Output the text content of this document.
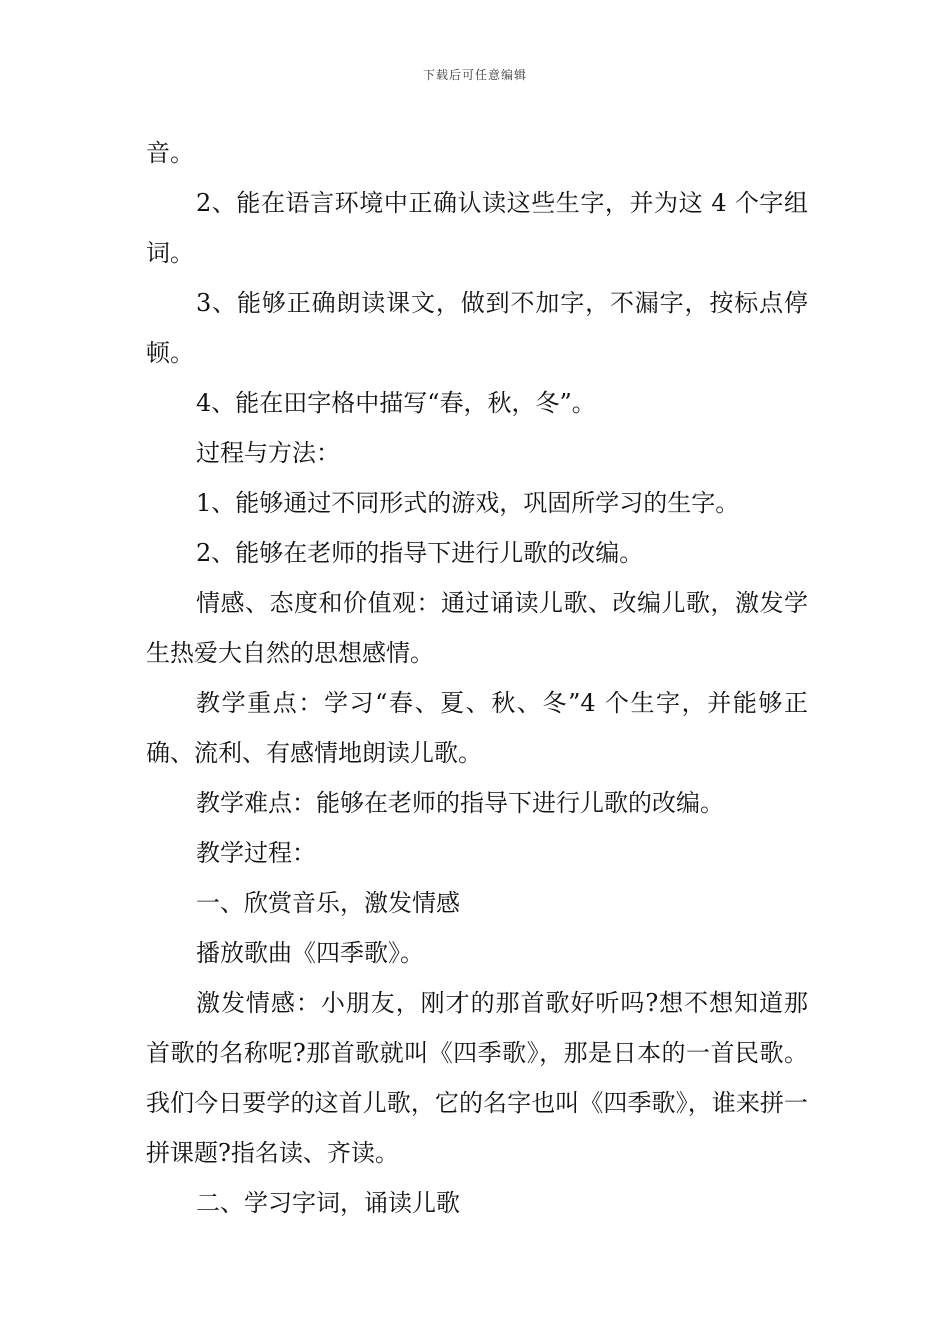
下载后可任意编辑

音。

2、能在语言环境中正确认读这些生字，并为这 4 个字组词。

3、能够正确朗读课文，做到不加字，不漏字，按标点停顿。

4、能在田字格中描写“春，秋，冬”。

过程与方法：

1、能够通过不同形式的游戏，巩固所学习的生字。

2、能够在老师的指导下进行儿歌的改编。

情感、态度和价值观：通过诵读儿歌、改编儿歌，激发学生热爱大自然的思想感情。

教学重点：学习“春、夏、秋、冬”4 个生字，并能够正确、流利、有感情地朗读儿歌。

教学难点：能够在老师的指导下进行儿歌的改编。

教学过程：

一、欣赏音乐，激发情感

播放歌曲《四季歌》。

激发情感：小朋友，刚才的那首歌好听吗?想不想知道那首歌的名称呢?那首歌就叫《四季歌》，那是日本的一首民歌。我们今日要学的这首儿歌，它的名字也叫《四季歌》，谁来拼一拼课题?指名读、齐读。

二、学习字词，诵读儿歌
